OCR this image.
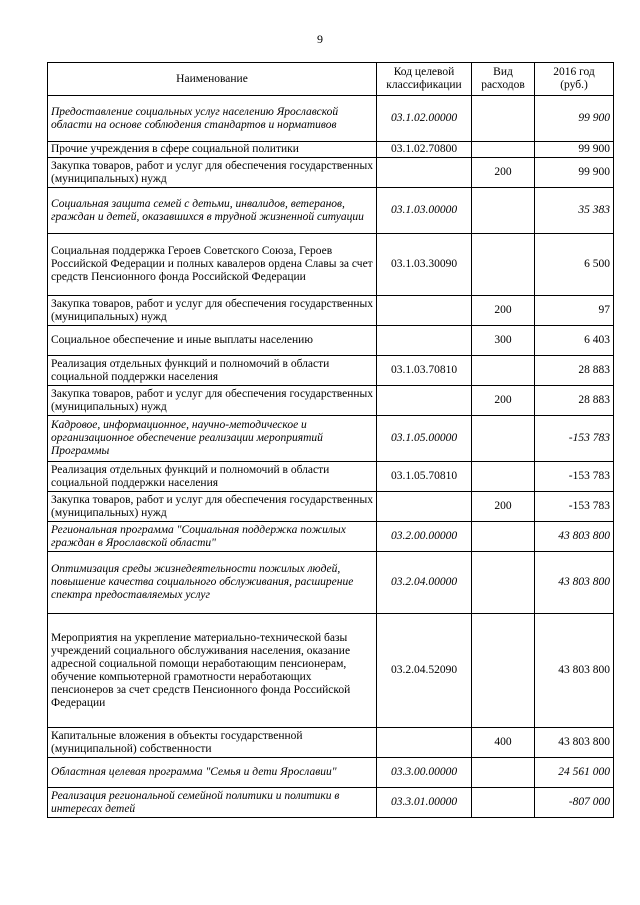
9
Наименование	Код целевой классификации	Вид расходов	2016 год (руб.)
Предоставление социальных услуг населению Ярославской области на основе соблюдения стандартов и нормативов	03.1.02.00000		99 900
Прочие учреждения в сфере социальной политики	03.1.02.70800		99 900
Закупка товаров, работ и услуг для обеспечения государственных (муниципальных) нужд		200	99 900
Социальная защита семей с детьми, инвалидов, ветеранов, граждан и детей, оказавшихся в трудной жизненной ситуации	03.1.03.00000		35 383
Социальная поддержка Героев Советского Союза, Героев Российской Федерации и полных кавалеров ордена Славы за счет средств Пенсионного фонда Российской Федерации	03.1.03.30090		6 500
Закупка товаров, работ и услуг для обеспечения государственных (муниципальных) нужд		200	97
Социальное обеспечение и иные выплаты населению		300	6 403
Реализация отдельных функций и полномочий в области социальной поддержки населения	03.1.03.70810		28 883
Закупка товаров, работ и услуг для обеспечения государственных (муниципальных) нужд		200	28 883
Кадровое, информационное, научно-методическое и организационное обеспечение реализации мероприятий Программы	03.1.05.00000		-153 783
Реализация отдельных функций и полномочий в области социальной поддержки населения	03.1.05.70810		-153 783
Закупка товаров, работ и услуг для обеспечения государственных (муниципальных) нужд		200	-153 783
Региональная программа "Социальная поддержка пожилых граждан в Ярославской области"	03.2.00.00000		43 803 800
Оптимизация среды жизнедеятельности пожилых людей, повышение качества социального обслуживания, расширение спектра предоставляемых услуг	03.2.04.00000		43 803 800
Мероприятия на укрепление материально-технической базы учреждений социального обслуживания населения, оказание адресной социальной помощи неработающим пенсионерам, обучение компьютерной грамотности неработающих пенсионеров за счет средств Пенсионного фонда Российской Федерации	03.2.04.52090		43 803 800
Капитальные вложения в объекты государственной (муниципальной) собственности		400	43 803 800
Областная целевая программа "Семья и дети Ярославии"	03.3.00.00000		24 561 000
Реализация региональной семейной политики и политики в интересах детей	03.3.01.00000		-807 000
